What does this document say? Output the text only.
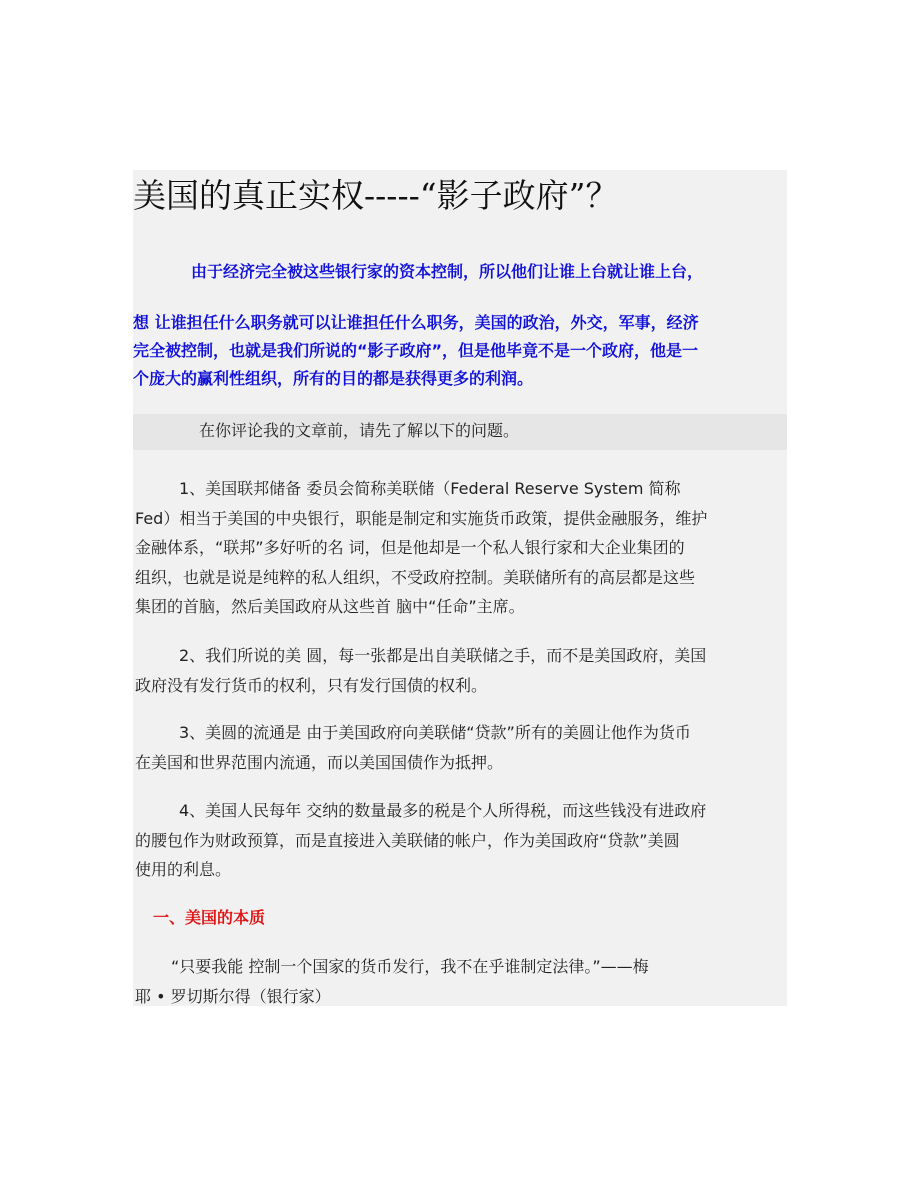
美国的真正实权-----“影子政府”？
由于经济完全被这些银行家的资本控制，所以他们让谁上台就让谁上台，
想 让谁担任什么职务就可以让谁担任什么职务，美国的政治，外交，军事，经济
完全被控制，也就是我们所说的“影子政府”，但是他毕竟不是一个政府，他是一
个庞大的赢利性组织，所有的目的都是获得更多的利润。
在你评论我的文章前，请先了解以下的问题。
1、美国联邦储备 委员会简称美联储（Federal Reserve System 简称
Fed）相当于美国的中央银行，职能是制定和实施货币政策，提供金融服务，维护
金融体系，“联邦”多好听的名 词，但是他却是一个私人银行家和大企业集团的
组织，也就是说是纯粹的私人组织，不受政府控制。美联储所有的高层都是这些
集团的首脑，然后美国政府从这些首 脑中“任命”主席。
2、我们所说的美 圆，每一张都是出自美联储之手，而不是美国政府，美国
政府没有发行货币的权利，只有发行国债的权利。
3、美圆的流通是 由于美国政府向美联储“贷款”所有的美圆让他作为货币
在美国和世界范围内流通，而以美国国债作为抵押。
4、美国人民每年 交纳的数量最多的税是个人所得税，而这些钱没有进政府
的腰包作为财政预算，而是直接进入美联储的帐户，作为美国政府“贷款”美圆
使用的利息。
一、美国的本质
“只要我能 控制一个国家的货币发行，我不在乎谁制定法律。”——梅
耶 • 罗切斯尔得（银行家）
